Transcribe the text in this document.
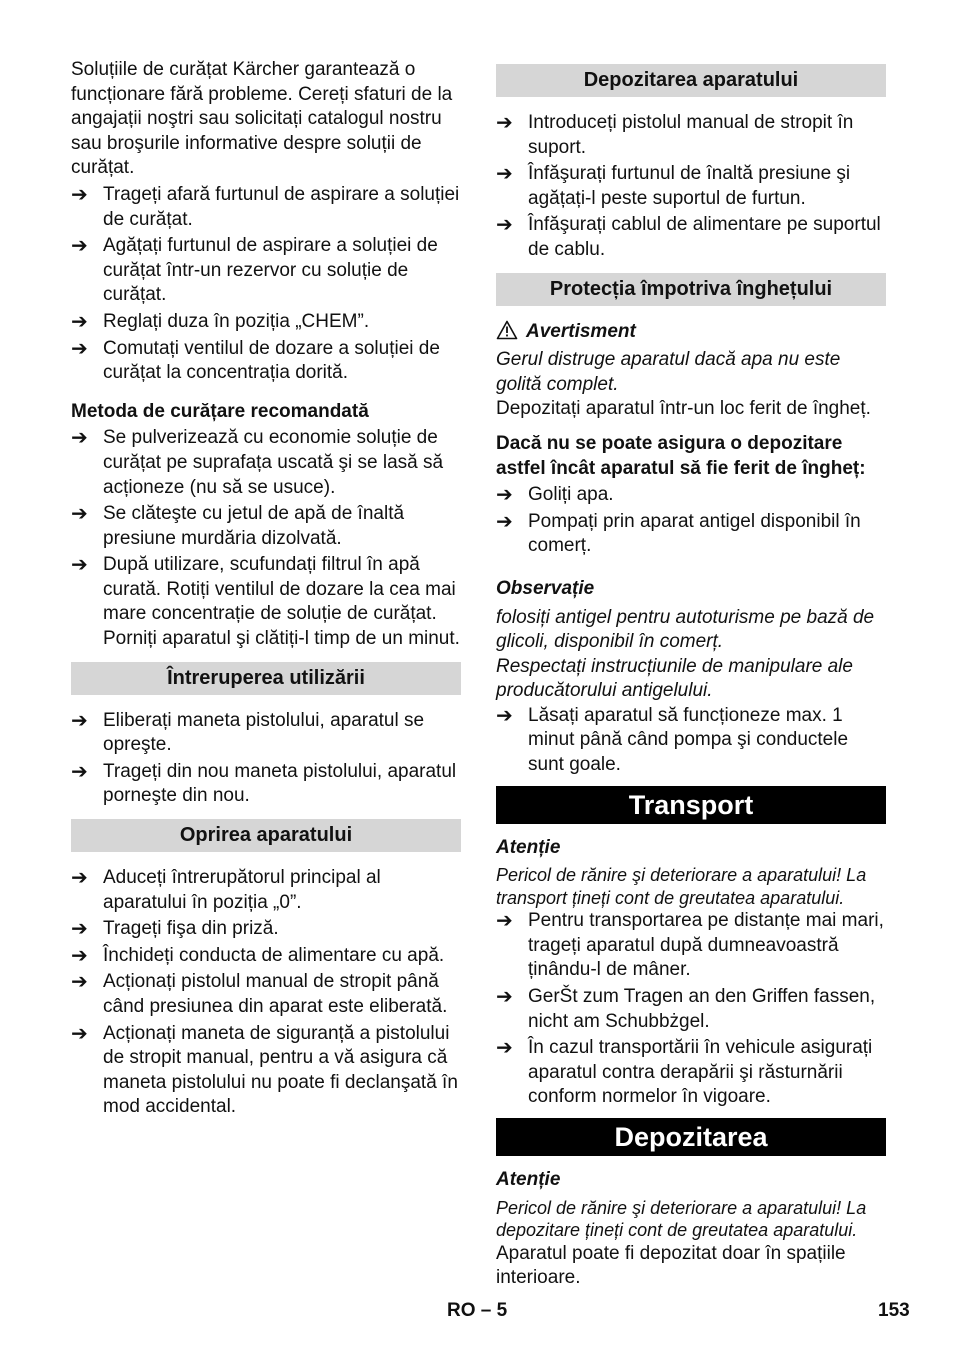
Soluțiile de curățat Kärcher garantează o funcționare fără probleme. Cereți sfaturi de la angajații noştri sau solicitați catalogul nostru sau broşurile informative despre soluții de curățat.

➔ Trageți afară furtunul de aspirare a soluției de curățat.
➔ Agățați furtunul de aspirare a soluției de curățat într-un rezervor cu soluție de curățat.
➔ Reglați duza în poziția „CHEM”.
➔ Comutați ventilul de dozare a soluției de curățat la concentrația dorită.

Metoda de curățare recomandată

➔ Se pulverizează cu economie soluție de curățat pe suprafața uscată şi se lasă să acționeze (nu să se usuce).
➔ Se clăteşte cu jetul de apă de înaltă presiune murdăria dizolvată.
➔ După utilizare, scufundați filtrul în apă curată. Rotiți ventilul de dozare la cea mai mare concentrație de soluție de curățat. Porniți aparatul şi clătiți-l timp de un minut.
Întreruperea utilizării
➔ Eliberați maneta pistolului, aparatul se opreşte.
➔ Trageți din nou maneta pistolului, aparatul porneşte din nou.
Oprirea aparatului
➔ Aduceți întrerupătorul principal al aparatului în poziția „0”.
➔ Trageți fişa din priză.
➔ Închideți conducta de alimentare cu apă.
➔ Acționați pistolul manual de stropit până când presiunea din aparat este eliberată.
➔ Acționați maneta de siguranță a pistolului de stropit manual, pentru a vă asigura că maneta pistolului nu poate fi declanşată în mod accidental.
Depozitarea aparatului
➔ Introduceți pistolul manual de stropit în suport.
➔ Înfăşurați furtunul de înaltă presiune şi agățați-l peste suportul de furtun.
➔ Înfăşurați cablul de alimentare pe suportul de cablu.
Protecția împotriva înghețului

Avertisment

Gerul distruge aparatul dacă apa nu este golită complet.

Depozitați aparatul într-un loc ferit de îngheț.

Dacă nu se poate asigura o depozitare astfel încât aparatul să fie ferit de îngheț:

➔ Goliți apa.
➔ Pompați prin aparat antigel disponibil în comerț.

Observație

folosiți antigel pentru autoturisme pe bază de glicoli, disponibil în comerț.

Respectați instrucțiunile de manipulare ale producătorului antigelului.

➔ Lăsați aparatul să funcționeze max. 1 minut până când pompa şi conductele sunt goale.
Transport

Atenție

Pericol de rănire şi deteriorare a aparatului! La transport țineți cont de greutatea aparatului.

➔ Pentru transportarea pe distanțe mai mari, trageți aparatul după dumneavoastră ținându-l de mâner.
➔ GerŠt zum Tragen an den Griffen fassen, nicht am Schubbżgel.
➔ În cazul transportării în vehicule asigurați aparatul contra derapării şi răsturnării conform normelor în vigoare.
Depozitarea

Atenție

Pericol de rănire şi deteriorare a aparatului! La depozitare țineți cont de greutatea aparatului.

Aparatul poate fi depozitat doar în spațiile interioare.

RO – 5	153
